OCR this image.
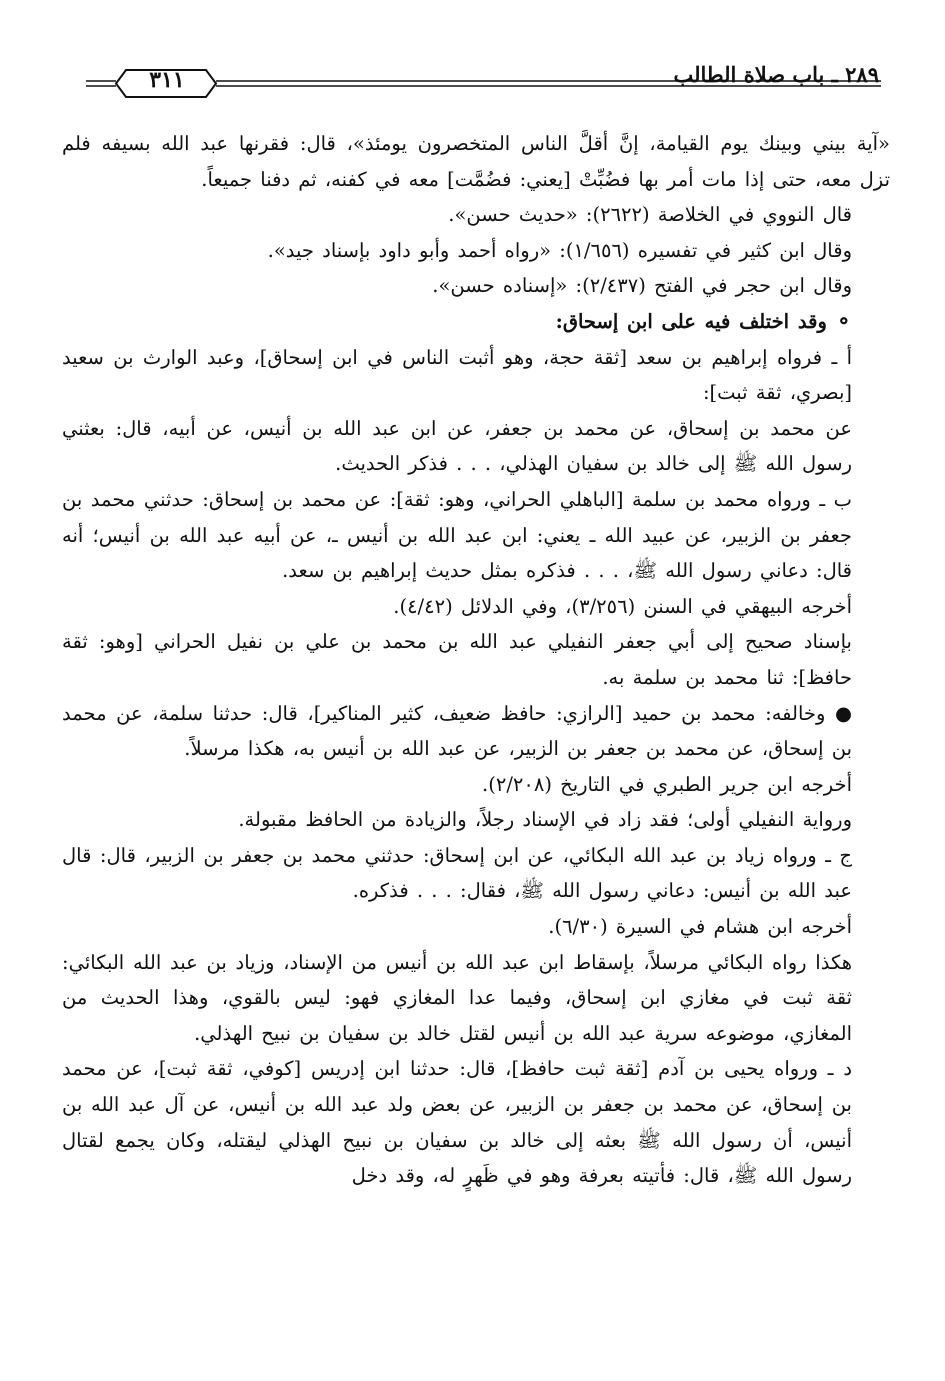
٢٨٩ ـ باب صلاة الطالب
٣١١

«آية بيني وبينك يوم القيامة، إنَّ أقلَّ الناس المتخصرون يومئذ»، قال: فقرنها عبد الله بسيفه فلم تزل معه، حتى إذا مات أمر بها فضُبِّتْ [يعني: فضُمَّت] معه في كفنه، ثم دفنا جميعاً.

قال النووي في الخلاصة (٢٦٢٢): «حديث حسن».

وقال ابن كثير في تفسيره (١/٦٥٦): «رواه أحمد وأبو داود بإسناد جيد».

وقال ابن حجر في الفتح (٢/٤٣٧): «إسناده حسن».

⚬ وقد اختلف فيه على ابن إسحاق:

أ ـ فرواه إبراهيم بن سعد [ثقة حجة، وهو أثبت الناس في ابن إسحاق]، وعبد الوارث بن سعيد [بصري، ثقة ثبت]:

عن محمد بن إسحاق، عن محمد بن جعفر، عن ابن عبد الله بن أنيس، عن أبيه، قال: بعثني رسول الله ﷺ إلى خالد بن سفيان الهذلي، . . . فذكر الحديث.

ب ـ ورواه محمد بن سلمة [الباهلي الحراني، وهو: ثقة]: عن محمد بن إسحاق: حدثني محمد بن جعفر بن الزبير، عن عبيد الله ـ يعني: ابن عبد الله بن أنيس ـ، عن أبيه عبد الله بن أنيس؛ أنه قال: دعاني رسول الله ﷺ، . . . فذكره بمثل حديث إبراهيم بن سعد.

أخرجه البيهقي في السنن (٣/٢٥٦)، وفي الدلائل (٤/٤٢).

بإسناد صحيح إلى أبي جعفر النفيلي عبد الله بن محمد بن علي بن نفيل الحراني [وهو: ثقة حافظ]: ثنا محمد بن سلمة به.

● وخالفه: محمد بن حميد [الرازي: حافظ ضعيف، كثير المناكير]، قال: حدثنا سلمة، عن محمد بن إسحاق، عن محمد بن جعفر بن الزبير، عن عبد الله بن أنيس به، هكذا مرسلاً.

أخرجه ابن جرير الطبري في التاريخ (٢/٢٠٨).

ورواية النفيلي أولى؛ فقد زاد في الإسناد رجلاً، والزيادة من الحافظ مقبولة.

ج ـ ورواه زياد بن عبد الله البكائي، عن ابن إسحاق: حدثني محمد بن جعفر بن الزبير، قال: قال عبد الله بن أنيس: دعاني رسول الله ﷺ، فقال: . . . فذكره.

أخرجه ابن هشام في السيرة (٦/٣٠).

هكذا رواه البكائي مرسلاً، بإسقاط ابن عبد الله بن أنيس من الإسناد، وزياد بن عبد الله البكائي: ثقة ثبت في مغازي ابن إسحاق، وفيما عدا المغازي فهو: ليس بالقوي، وهذا الحديث من المغازي، موضوعه سرية عبد الله بن أنيس لقتل خالد بن سفيان بن نبيح الهذلي.

د ـ ورواه يحيى بن آدم [ثقة ثبت حافظ]، قال: حدثنا ابن إدريس [كوفي، ثقة ثبت]، عن محمد بن إسحاق، عن محمد بن جعفر بن الزبير، عن بعض ولد عبد الله بن أنيس، عن آل عبد الله بن أنيس، أن رسول الله ﷺ بعثه إلى خالد بن سفيان بن نبيح الهذلي ليقتله، وكان يجمع لقتال رسول الله ﷺ، قال: فأتيته بعرفة وهو في ظَهرٍ له، وقد دخل
